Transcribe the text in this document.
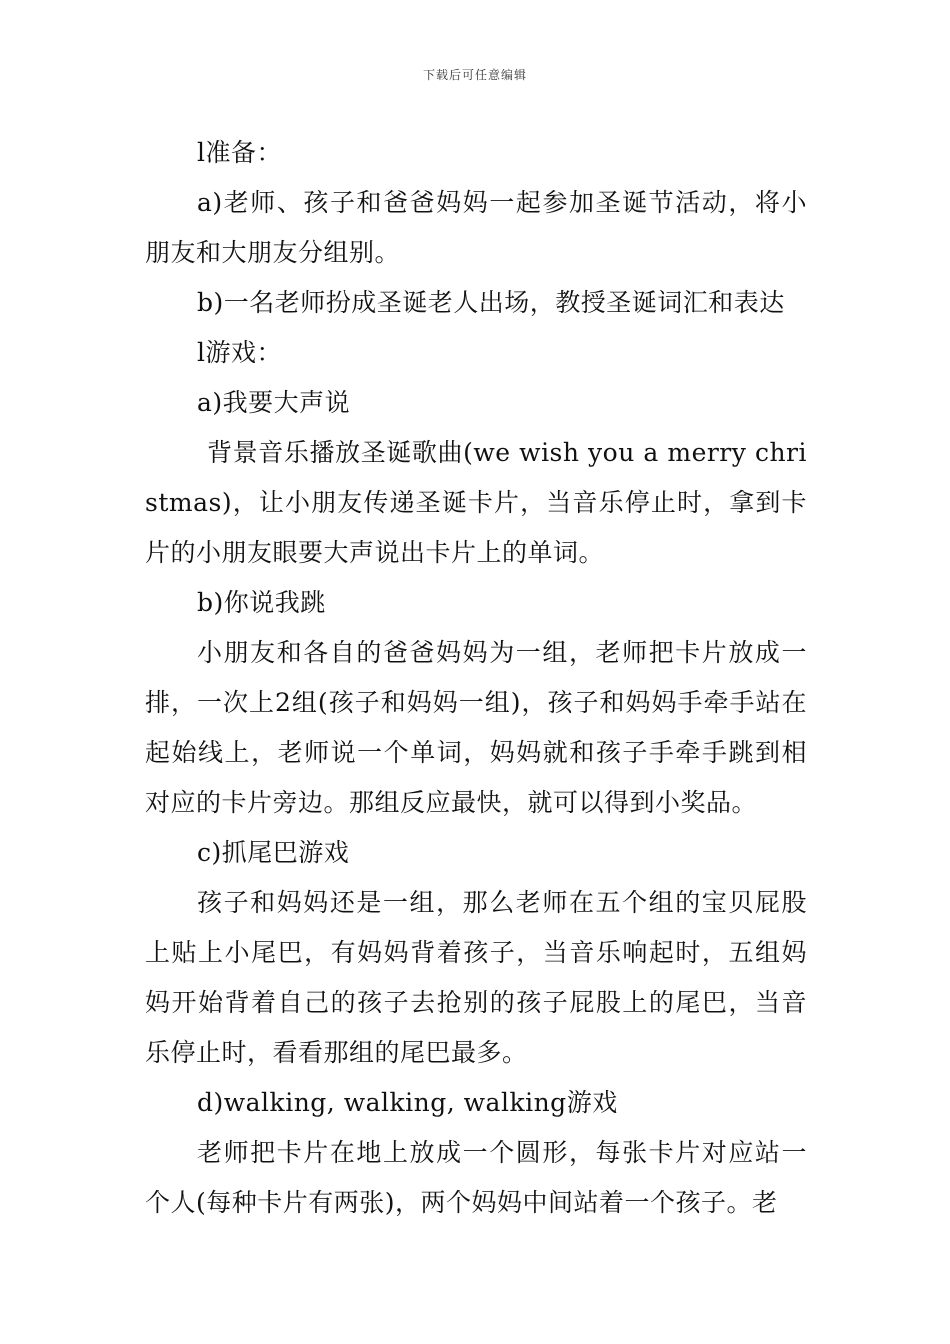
下载后可任意编辑

l准备：

a)老师、孩子和爸爸妈妈一起参加圣诞节活动，将小朋友和大朋友分组别。

b)一名老师扮成圣诞老人出场，教授圣诞词汇和表达

l游戏：

a)我要大声说

背景音乐播放圣诞歌曲(we wish you a merry christmas)，让小朋友传递圣诞卡片，当音乐停止时，拿到卡片的小朋友眼要大声说出卡片上的单词。

b)你说我跳

小朋友和各自的爸爸妈妈为一组，老师把卡片放成一排，一次上2组(孩子和妈妈一组)，孩子和妈妈手牵手站在起始线上，老师说一个单词，妈妈就和孩子手牵手跳到相对应的卡片旁边。那组反应最快，就可以得到小奖品。

c)抓尾巴游戏

孩子和妈妈还是一组，那么老师在五个组的宝贝屁股上贴上小尾巴，有妈妈背着孩子，当音乐响起时，五组妈妈开始背着自己的孩子去抢别的孩子屁股上的尾巴，当音乐停止时，看看那组的尾巴最多。

d)walking, walking, walking游戏

老师把卡片在地上放成一个圆形，每张卡片对应站一个人(每种卡片有两张)，两个妈妈中间站着一个孩子。老
